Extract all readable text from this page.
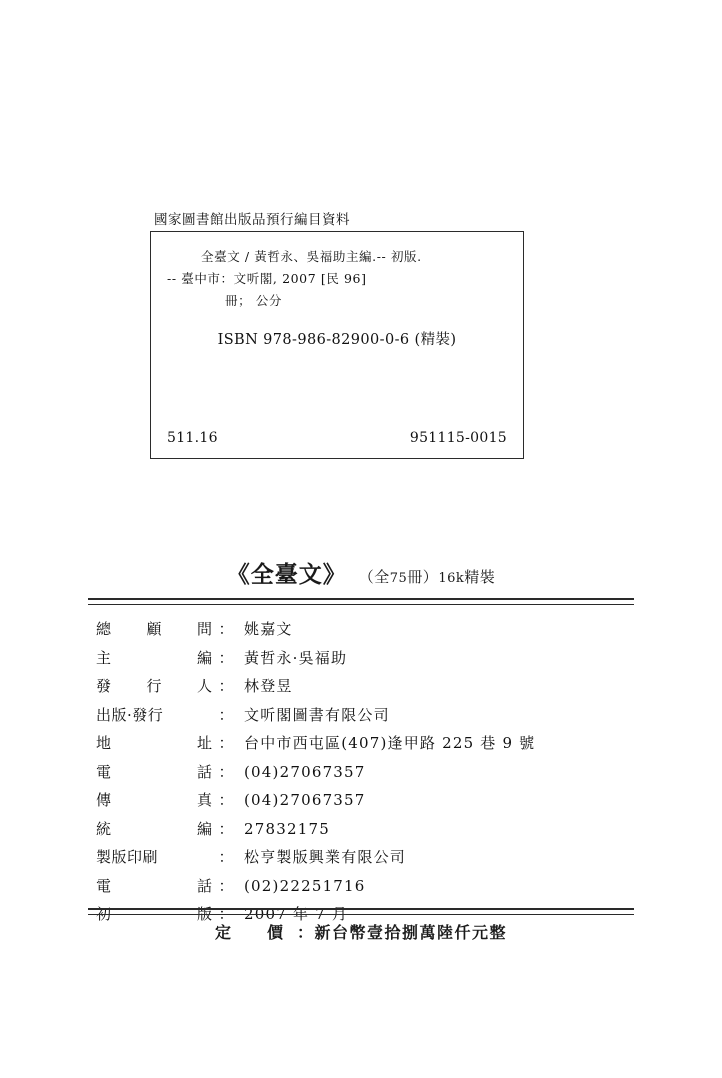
國家圖書館出版品預行編目資料
全臺文 / 黃哲永、吳福助主編.-- 初版.
-- 臺中市：文听閣, 2007 [民 96]
冊； 公分
ISBN 978-986-82900-0-6 (精裝)
511.16	951115-0015
《全臺文》 （全75冊）16k精裝
總 顧 問 ： 姚嘉文
主	編 ： 黃哲永·吳福助
發 行 人 ： 林登昱
出版·發行	： 文听閣圖書有限公司
地	址 ： 台中市西屯區(407)逢甲路 225 巷 9 號
電	話 ： (04)27067357
傳	真 ： (04)27067357
統	編 ： 27832175
製版印刷	： 松亨製版興業有限公司
電	話 ： (02)22251716
初	版 ： 2007 年 7 月
定　價 ：新台幣壹拾捌萬陸仟元整
